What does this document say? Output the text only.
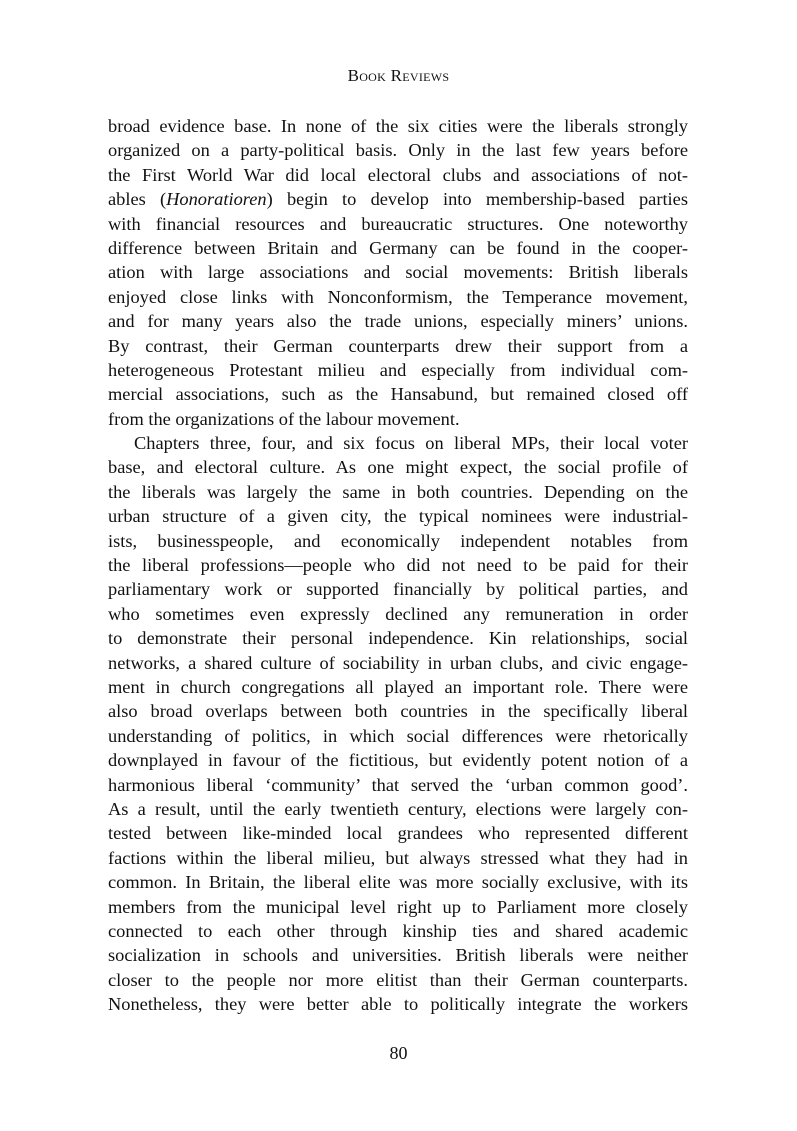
Book Reviews
broad evidence base. In none of the six cities were the liberals strongly
organized on a party-political basis. Only in the last few years before
the First World War did local electoral clubs and associations of not-
ables (Honoratioren) begin to develop into membership-based parties
with financial resources and bureaucratic structures. One noteworthy
difference between Britain and Germany can be found in the cooper-
ation with large associations and social movements: British liberals
enjoyed close links with Nonconformism, the Temperance movement,
and for many years also the trade unions, especially miners’ unions.
By contrast, their German counterparts drew their support from a
heterogeneous Protestant milieu and especially from individual com-
mercial associations, such as the Hansabund, but remained closed off
from the organizations of the labour movement.
Chapters three, four, and six focus on liberal MPs, their local voter
base, and electoral culture. As one might expect, the social profile of
the liberals was largely the same in both countries. Depending on the
urban structure of a given city, the typical nominees were industrial-
ists, businesspeople, and economically independent notables from
the liberal professions—people who did not need to be paid for their
parliamentary work or supported financially by political parties, and
who sometimes even expressly declined any remuneration in order
to demonstrate their personal independence. Kin relationships, social
networks, a shared culture of sociability in urban clubs, and civic engage-
ment in church congregations all played an important role. There were
also broad overlaps between both countries in the specifically liberal
understanding of politics, in which social differences were rhetorically
downplayed in favour of the fictitious, but evidently potent notion of a
harmonious liberal ‘community’ that served the ‘urban common good’.
As a result, until the early twentieth century, elections were largely con-
tested between like-minded local grandees who represented different
factions within the liberal milieu, but always stressed what they had in
common. In Britain, the liberal elite was more socially exclusive, with its
members from the municipal level right up to Parliament more closely
connected to each other through kinship ties and shared academic
socialization in schools and universities. British liberals were neither
closer to the people nor more elitist than their German counterparts.
Nonetheless, they were better able to politically integrate the workers
80
